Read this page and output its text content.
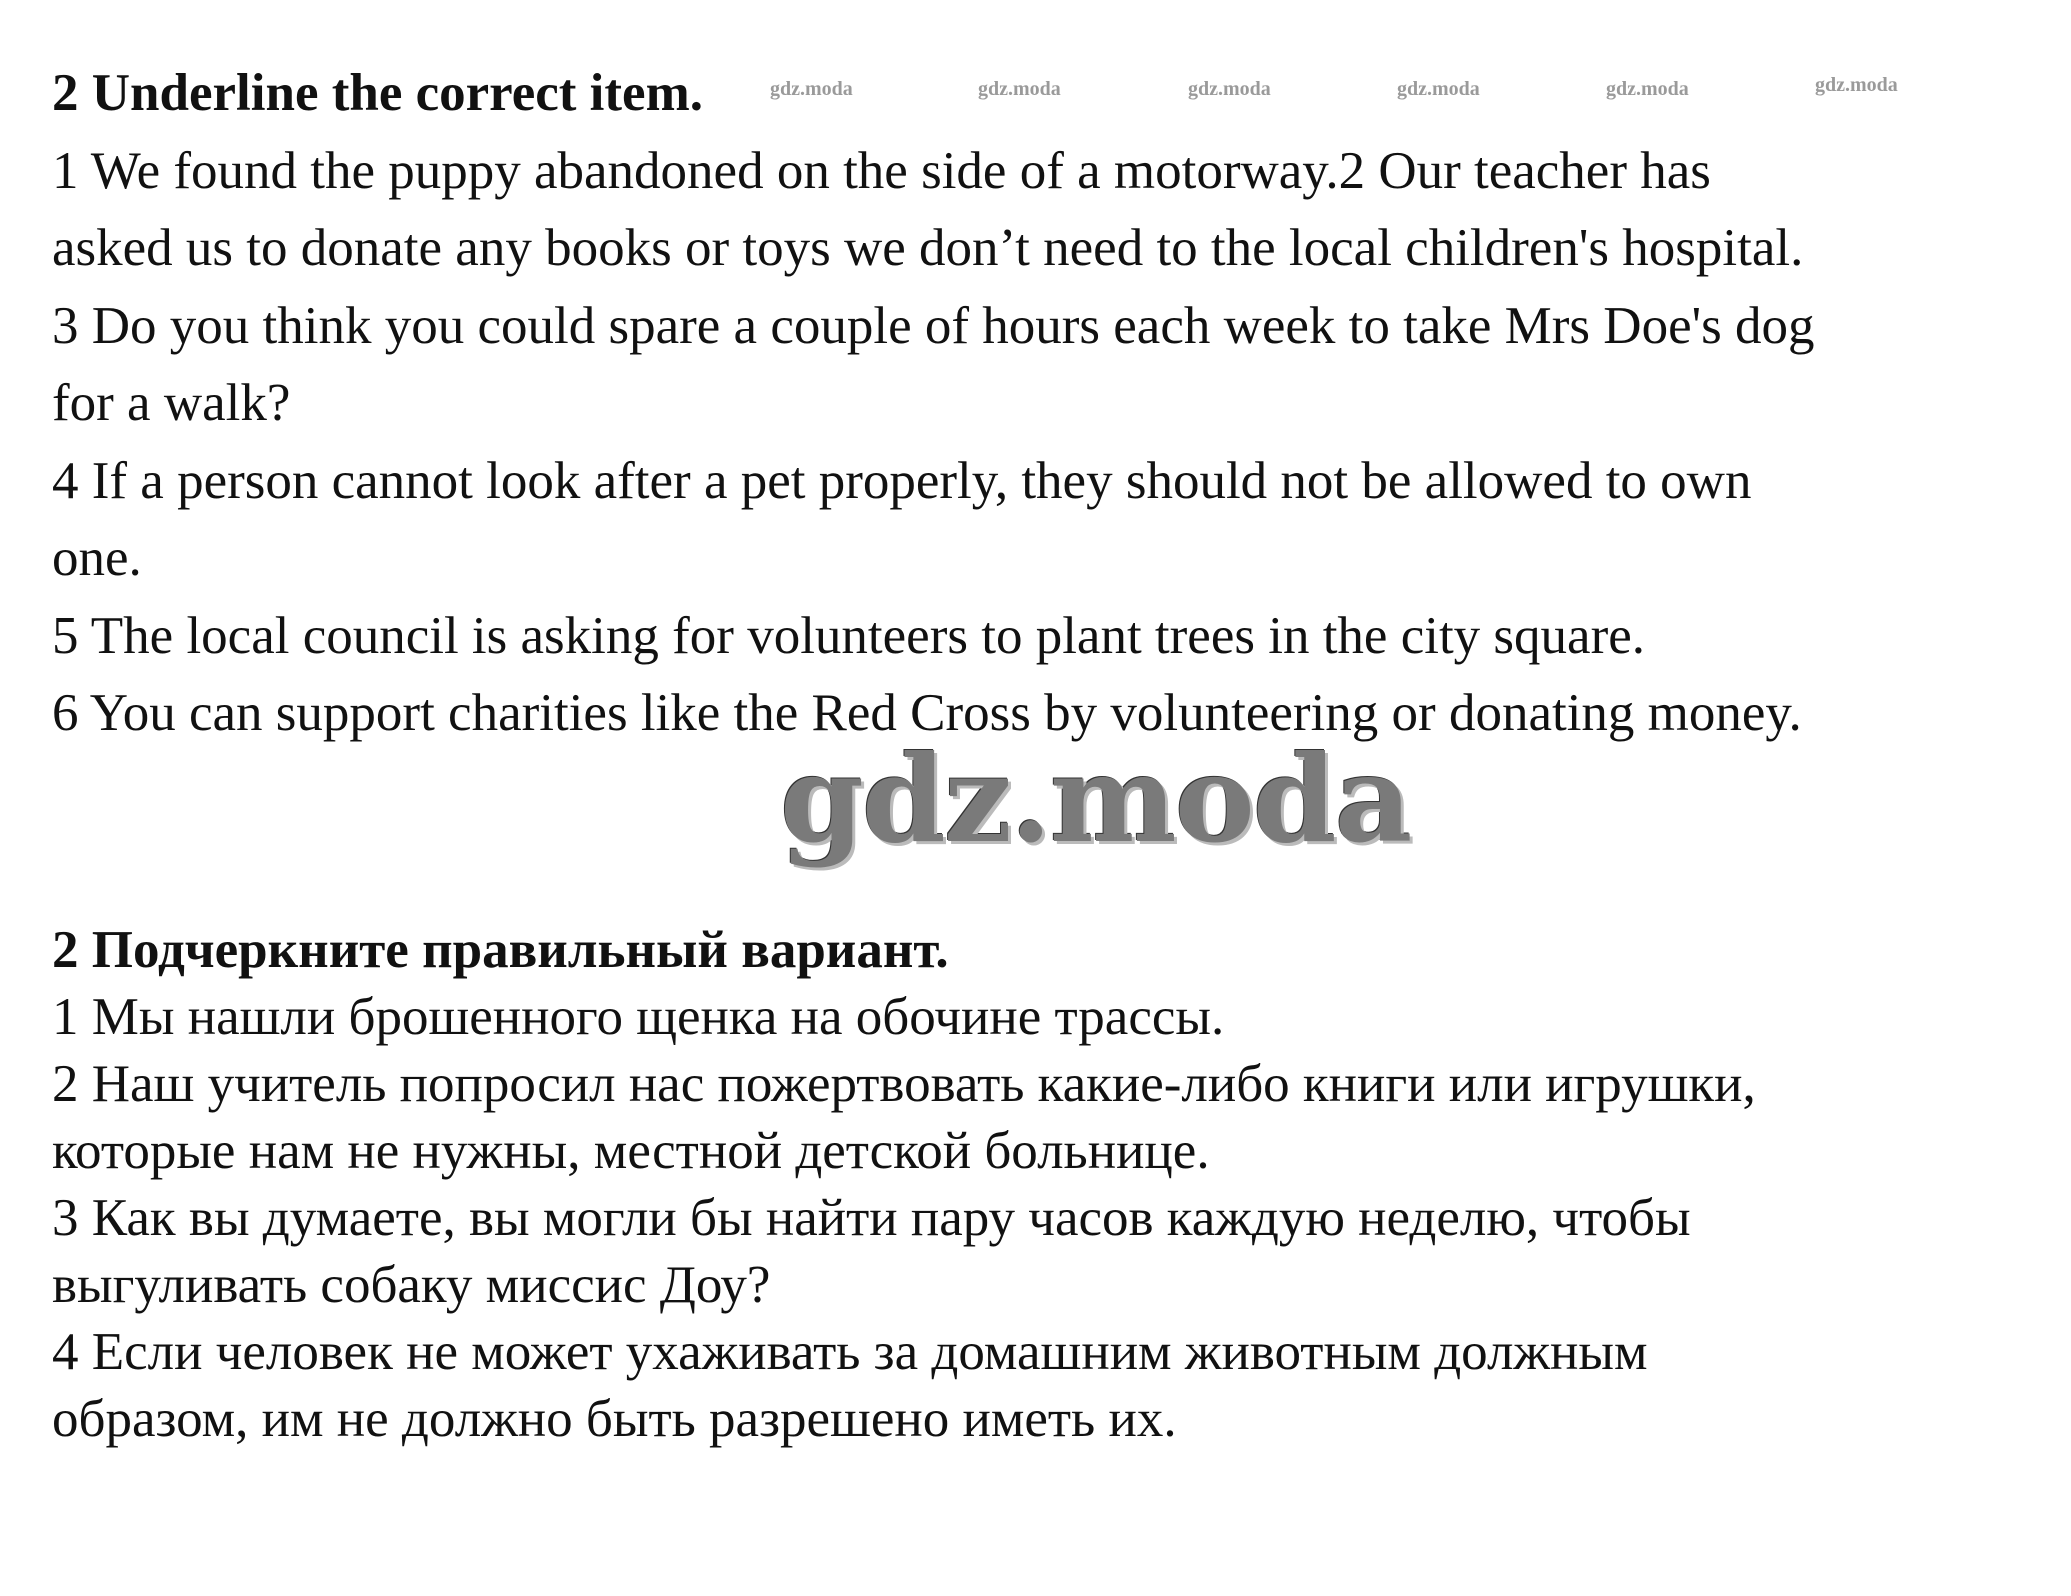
gdz.moda	gdz.moda	gdz.moda	gdz.moda	gdz.moda	gdz.moda
2 Underline the correct item.
1 We found the puppy abandoned on the side of a motorway.2 Our teacher has
asked us to donate any books or toys we don’t need to the local children's hospital.
3 Do you think you could spare a couple of hours each week to take Mrs Doe's dog
for a walk?
4 If a person cannot look after a pet properly, they should not be allowed to own
one.
5 The local council is asking for volunteers to plant trees in the city square.
6 You can support charities like the Red Cross by volunteering or donating money.
gdz.moda
2 Подчеркните правильный вариант.
1 Мы нашли брошенного щенка на обочине трассы.
2 Наш учитель попросил нас пожертвовать какие-либо книги или игрушки,
которые нам не нужны, местной детской больнице.
3 Как вы думаете, вы могли бы найти пару часов каждую неделю, чтобы
выгуливать собаку миссис Доу?
4 Если человек не может ухаживать за домашним животным должным
образом, им не должно быть разрешено иметь их.
